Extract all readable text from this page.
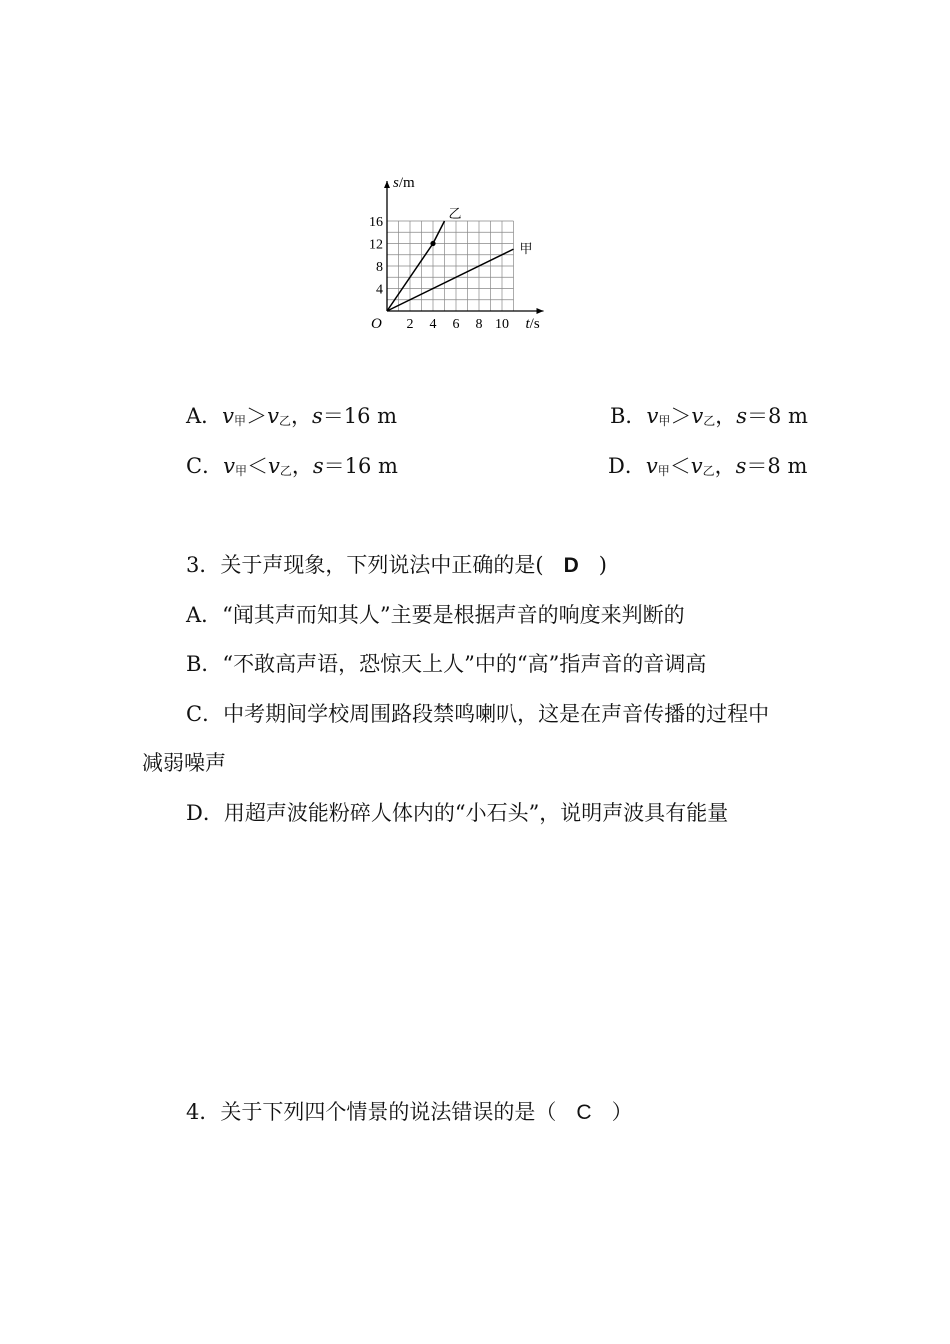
乙
甲
2 4 6 8 10
4
8
12
16
O	t/s
s/m
A．v甲＞v乙，s＝16 m	B．v甲＞v乙，s＝8 m
C．v甲＜v乙，s＝16 m	D．v甲＜v乙，s＝8 m
3．关于声现象，下列说法中正确的是( D )
A．“闻其声而知其人”主要是根据声音的响度来判断的
B．“不敢高声语，恐惊天上人”中的“高”指声音的音调高
C．中考期间学校周围路段禁鸣喇叭，这是在声音传播的过程中
减弱噪声
D．用超声波能粉碎人体内的“小石头”，说明声波具有能量
4．关于下列四个情景的说法错误的是（ C ）
